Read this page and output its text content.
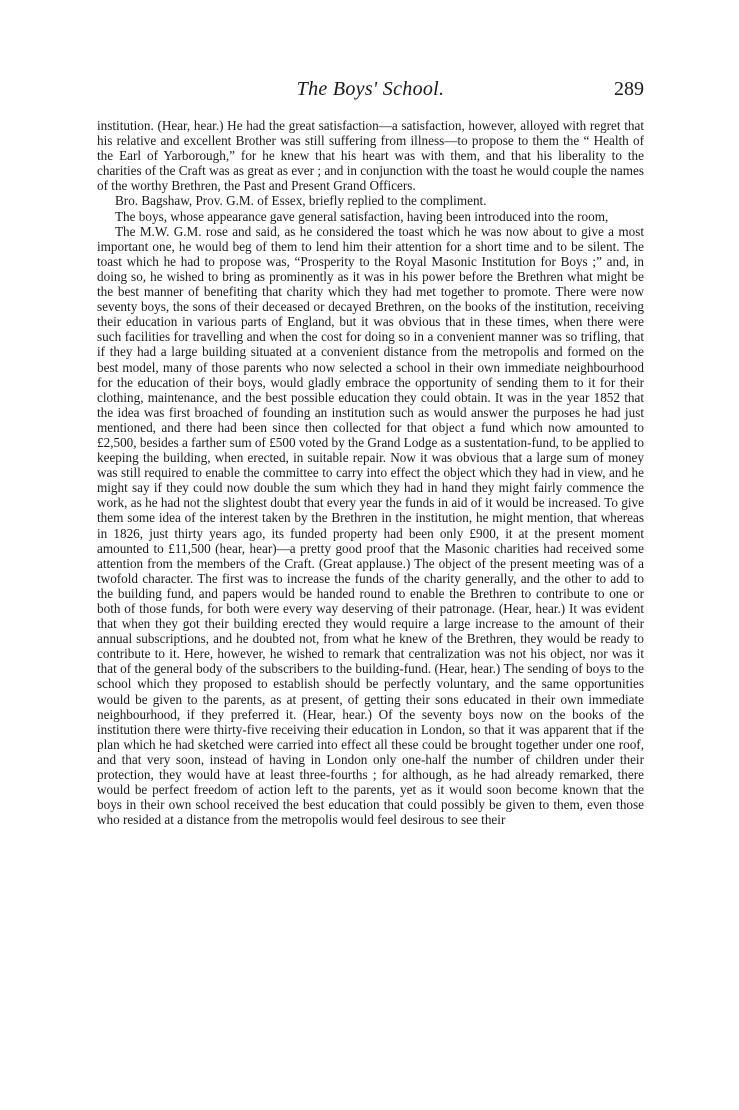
The Boys' School.	289

institution. (Hear, hear.) He had the great satisfaction—a satisfaction, however, alloyed with regret that his relative and excellent Brother was still suffering from illness—to propose to them the “ Health of the Earl of Yarborough,” for he knew that his heart was with them, and that his liberality to the charities of the Craft was as great as ever ; and in conjunction with the toast he would couple the names of the worthy Brethren, the Past and Present Grand Officers.

Bro. Bagshaw, Prov. G.M. of Essex, briefly replied to the compliment.

The boys, whose appearance gave general satisfaction, having been introduced into the room,

The M.W. G.M. rose and said, as he considered the toast which he was now about to give a most important one, he would beg of them to lend him their attention for a short time and to be silent. The toast which he had to propose was, “Prosperity to the Royal Masonic Institution for Boys ;” and, in doing so, he wished to bring as prominently as it was in his power before the Brethren what might be the best manner of benefiting that charity which they had met together to promote. There were now seventy boys, the sons of their deceased or decayed Brethren, on the books of the institution, receiving their education in various parts of England, but it was obvious that in these times, when there were such facilities for travelling and when the cost for doing so in a convenient manner was so trifling, that if they had a large building situated at a convenient distance from the metropolis and formed on the best model, many of those parents who now selected a school in their own immediate neighbourhood for the education of their boys, would gladly embrace the opportunity of sending them to it for their clothing, maintenance, and the best possible education they could obtain. It was in the year 1852 that the idea was first broached of founding an institution such as would answer the purposes he had just mentioned, and there had been since then collected for that object a fund which now amounted to £2,500, besides a farther sum of £500 voted by the Grand Lodge as a sustentation-fund, to be applied to keeping the building, when erected, in suitable repair. Now it was obvious that a large sum of money was still required to enable the committee to carry into effect the object which they had in view, and he might say if they could now double the sum which they had in hand they might fairly commence the work, as he had not the slightest doubt that every year the funds in aid of it would be increased. To give them some idea of the interest taken by the Brethren in the institution, he might mention, that whereas in 1826, just thirty years ago, its funded property had been only £900, it at the present moment amounted to £11,500 (hear, hear)—a pretty good proof that the Masonic charities had received some attention from the members of the Craft. (Great applause.) The object of the present meeting was of a twofold character. The first was to increase the funds of the charity generally, and the other to add to the building fund, and papers would be handed round to enable the Brethren to contribute to one or both of those funds, for both were every way deserving of their patronage. (Hear, hear.) It was evident that when they got their building erected they would require a large increase to the amount of their annual subscriptions, and he doubted not, from what he knew of the Brethren, they would be ready to contribute to it. Here, however, he wished to remark that centralization was not his object, nor was it that of the general body of the subscribers to the building-fund. (Hear, hear.) The sending of boys to the school which they proposed to establish should be perfectly voluntary, and the same opportunities would be given to the parents, as at present, of getting their sons educated in their own immediate neighbourhood, if they preferred it. (Hear, hear.) Of the seventy boys now on the books of the institution there were thirty-five receiving their education in London, so that it was apparent that if the plan which he had sketched were carried into effect all these could be brought together under one roof, and that very soon, instead of having in London only one-half the number of children under their protection, they would have at least three-fourths ; for although, as he had already remarked, there would be perfect freedom of action left to the parents, yet as it would soon become known that the boys in their own school received the best education that could possibly be given to them, even those who resided at a distance from the metropolis would feel desirous to see their
